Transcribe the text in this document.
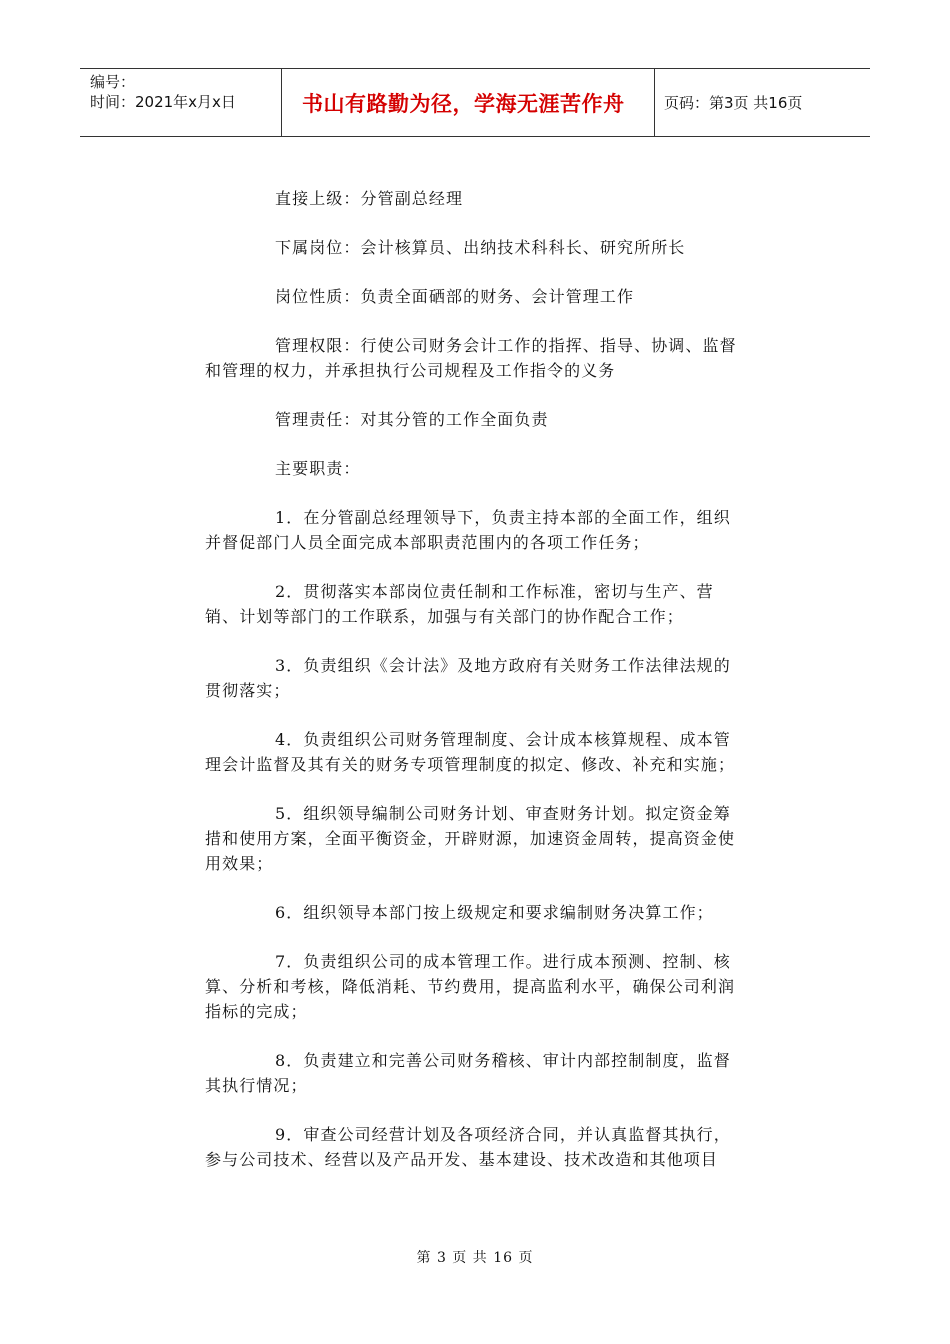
编号：
时间：2021年x月x日	书山有路勤为径，学海无涯苦作舟	页码：第3页 共16页

直接上级：分管副总经理

下属岗位：会计核算员、出纳技术科科长、研究所所长

岗位性质：负责全面硒部的财务、会计管理工作

管理权限：行使公司财务会计工作的指挥、指导、协调、监督和管理的权力，并承担执行公司规程及工作指令的义务

管理责任：对其分管的工作全面负责

主要职责：

1．在分管副总经理领导下，负责主持本部的全面工作，组织并督促部门人员全面完成本部职责范围内的各项工作任务；

2．贯彻落实本部岗位责任制和工作标准，密切与生产、营销、计划等部门的工作联系，加强与有关部门的协作配合工作；

3．负责组织《会计法》及地方政府有关财务工作法律法规的贯彻落实；

4．负责组织公司财务管理制度、会计成本核算规程、成本管理会计监督及其有关的财务专项管理制度的拟定、修改、补充和实施；

5．组织领导编制公司财务计划、审查财务计划。拟定资金筹措和使用方案，全面平衡资金，开辟财源，加速资金周转，提高资金使用效果；

6．组织领导本部门按上级规定和要求编制财务决算工作；

7．负责组织公司的成本管理工作。进行成本预测、控制、核算、分析和考核，降低消耗、节约费用，提高监利水平，确保公司利润指标的完成；

8．负责建立和完善公司财务稽核、审计内部控制制度，监督其执行情况；

9．审查公司经营计划及各项经济合同，并认真监督其执行，参与公司技术、经营以及产品开发、基本建设、技术改造和其他项目

第 3 页 共 16 页
